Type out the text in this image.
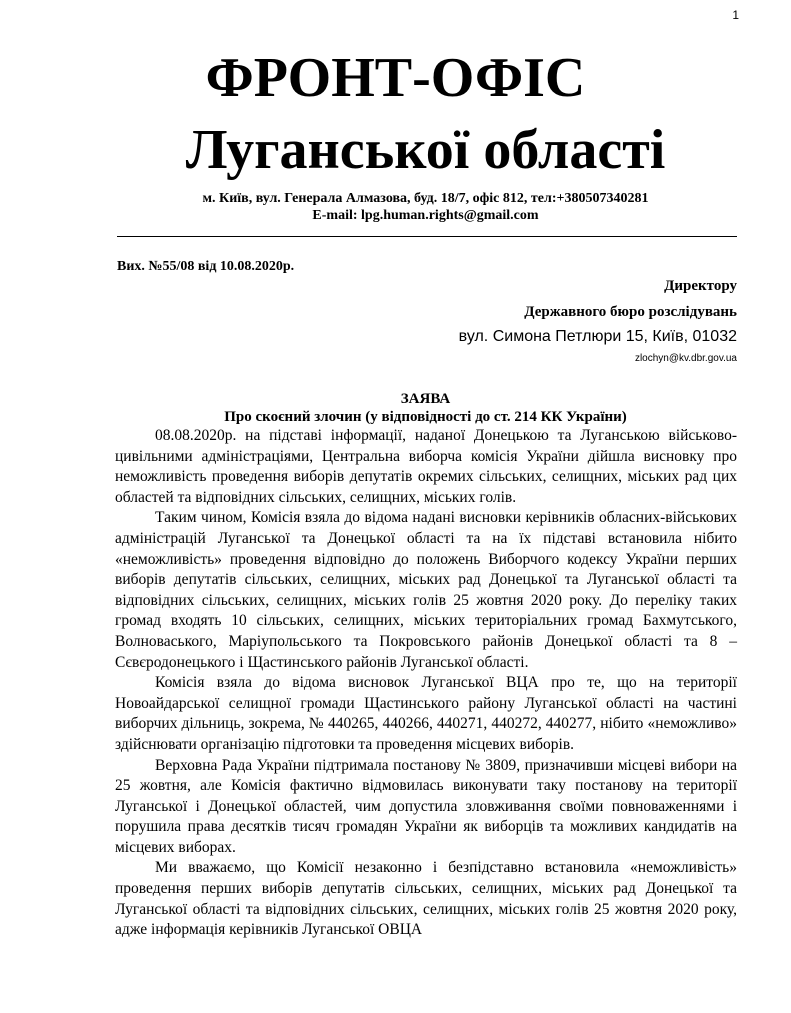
1
ФРОНТ-ОФІС
Луганської області
м. Київ, вул. Генерала Алмазова, буд. 18/7, офіс 812, тел:+380507340281
E-mail: lpg.human.rights@gmail.com
Вих. №55/08 від 10.08.2020р.
Директору
Державного бюро розслідувань
вул. Симона Петлюри 15, Київ, 01032
zlochyn@kv.dbr.gov.ua
ЗАЯВА
Про скоєний злочин (у відповідності до ст. 214 КК України)

08.08.2020р. на підставі інформації, наданої Донецькою та Луганською військово-цивільними адміністраціями, Центральна виборча комісія України дійшла висновку про неможливість проведення виборів депутатів окремих сільських, селищних, міських рад цих областей та відповідних сільських, селищних, міських голів.

Таким чином, Комісія взяла до відома надані висновки керівників обласних-військових адміністрацій Луганської та Донецької області та на їх підставі встановила нібито «неможливість» проведення відповідно до положень Виборчого кодексу України перших виборів депутатів сільських, селищних, міських рад Донецької та Луганської області та відповідних сільських, селищних, міських голів 25 жовтня 2020 року. До переліку таких громад входять 10 сільських, селищних, міських територіальних громад Бахмутського, Волноваського, Маріупольського та Покровського районів Донецької області та 8 – Сєвєродонецького і Щастинського районів Луганської області.

Комісія взяла до відома висновок Луганської ВЦА про те, що на території Новоайдарської селищної громади Щастинського району Луганської області на частині виборчих дільниць, зокрема, № 440265, 440266, 440271, 440272, 440277, нібито «неможливо» здійснювати організацію підготовки та проведення місцевих виборів.

Верховна Рада України підтримала постанову № 3809, призначивши місцеві вибори на 25 жовтня, але Комісія фактично відмовилась виконувати таку постанову на території Луганської і Донецької областей, чим допустила зловживання своїми повноваженнями і порушила права десятків тисяч громадян України як виборців та можливих кандидатів на місцевих виборах.

Ми вважаємо, що Комісії незаконно і безпідставно встановила «неможливість» проведення перших виборів депутатів сільських, селищних, міських рад Донецької та Луганської області та відповідних сільських, селищних, міських голів 25 жовтня 2020 року, адже інформація керівників Луганської ОВЦА
